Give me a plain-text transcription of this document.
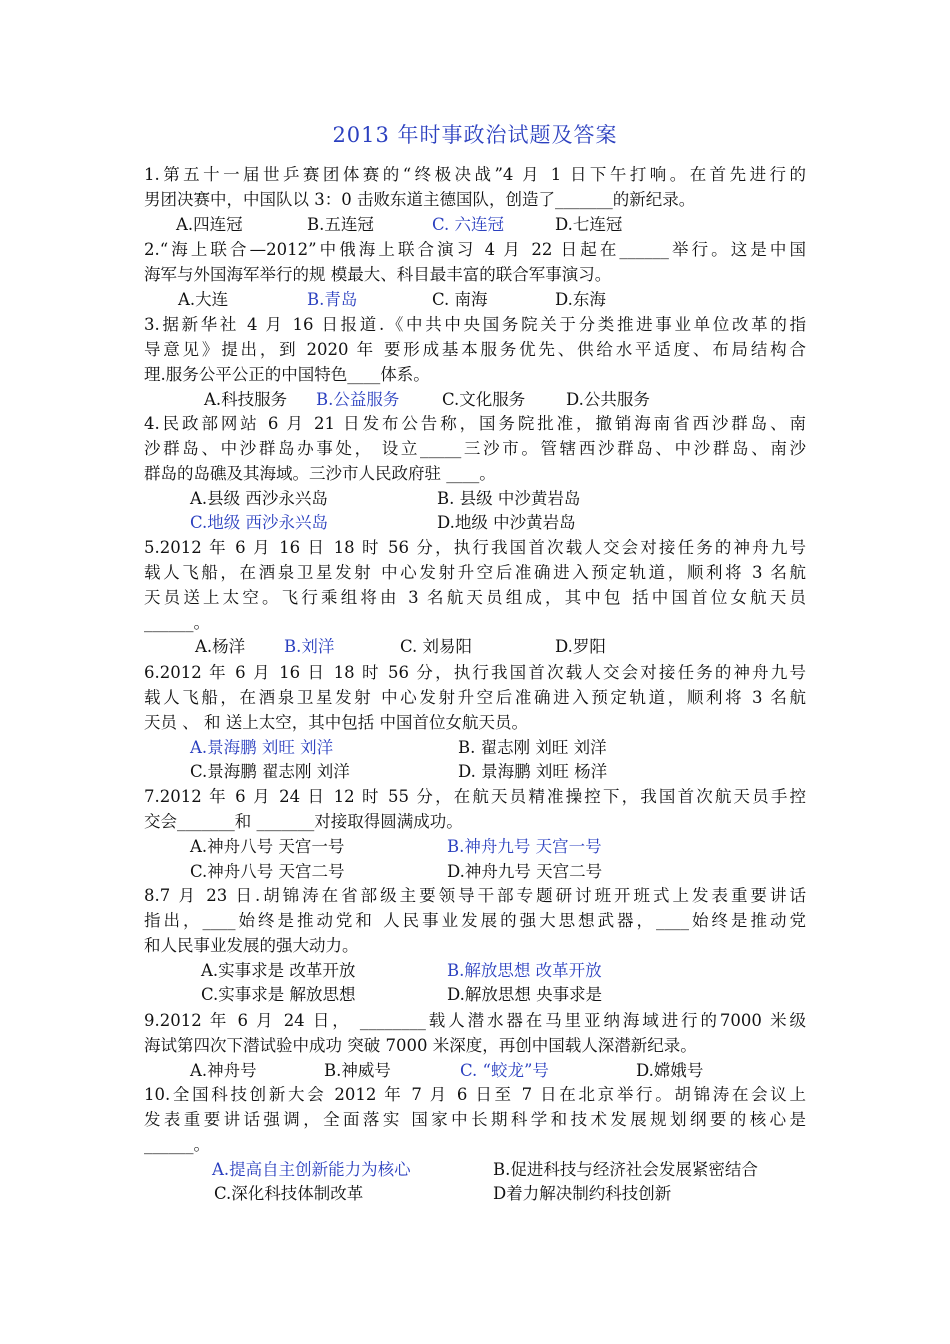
2013 年时事政治试题及答案
1.第五十一届世乒赛团体赛的“终极决战”4 月 1 日下午打响。在首先进行的
男团决赛中，中国队以 3：0 击败东道主德国队，创造了_______的新纪录。
A.四连冠	B.五连冠	C. 六连冠	D.七连冠
2.“海上联合—2012”中俄海上联合演习 4 月 22 日起在______举行。这是中国
海军与外国海军举行的规 模最大、科目最丰富的联合军事演习。
A.大连	B.青岛	C. 南海	D.东海
3.据新华社 4 月 16 日报道.《中共中央国务院关于分类推进事业单位改革的指
导意见》提出，到 2020 年 要形成基本服务优先、供给水平适度、布局结构合
理.服务公平公正的中国特色____体系。
A.科技服务 B.公益服务	C.文化服务 D.公共服务
4.民政部网站 6 月 21 日发布公告称，国务院批准，撤销海南省西沙群岛、南
沙群岛、中沙群岛办事处， 设立_____三沙市。管辖西沙群岛、中沙群岛、南沙
群岛的岛礁及其海域。三沙市人民政府驻 ____。
A.县级 西沙永兴岛	B. 县级 中沙黄岩岛
C.地级 西沙永兴岛	D.地级 中沙黄岩岛
5.2012 年 6 月 16 日 18 时 56 分，执行我国首次载人交会对接任务的神舟九号
载人飞船，在酒泉卫星发射 中心发射升空后准确进入预定轨道，顺利将 3 名航
天员送上太空。飞行乘组将由 3 名航天员组成，其中包 括中国首位女航天员
______。
A.杨洋 B.刘洋	C. 刘易阳	D.罗阳
6.2012 年 6 月 16 日 18 时 56 分，执行我国首次载人交会对接任务的神舟九号
载人飞船，在酒泉卫星发射 中心发射升空后准确进入预定轨道，顺利将 3 名航
天员 、 和 送上太空，其中包括 中国首位女航天员。
A.景海鹏 刘旺 刘洋	B. 翟志刚 刘旺 刘洋
C.景海鹏 翟志刚 刘洋	D. 景海鹏 刘旺 杨洋
7.2012 年 6 月 24 日 12 时 55 分，在航天员精准操控下，我国首次航天员手控
交会_______和 _______对接取得圆满成功。
A.神舟八号 天宫一号	B.神舟九号 天宫一号
C.神舟八号 天宫二号	D.神舟九号 天宫二号
8.7 月 23 日.胡锦涛在省部级主要领导干部专题研讨班开班式上发表重要讲话
指出，____始终是推动党和 人民事业发展的强大思想武器，____始终是推动党
和人民事业发展的强大动力。
A.实事求是 改革开放	B.解放思想 改革开放
C.实事求是 解放思想	D.解放思想 央事求是
9.2012 年 6 月 24 日， ________载人潜水器在马里亚纳海域进行的7000 米级
海试第四次下潜试验中成功 突破 7000 米深度，再创中国载人深潜新纪录。
A.神舟号	B.神威号	C. “蛟龙”号	D.嫦娥号
10.全国科技创新大会 2012 年 7 月 6 日至 7 日在北京举行。胡锦涛在会议上
发表重要讲话强调，全面落实 国家中长期科学和技术发展规划纲要的核心是
______。
A.提高自主创新能力为核心	B.促进科技与经济社会发展紧密结合
C.深化科技体制改革	D着力解决制约科技创新
